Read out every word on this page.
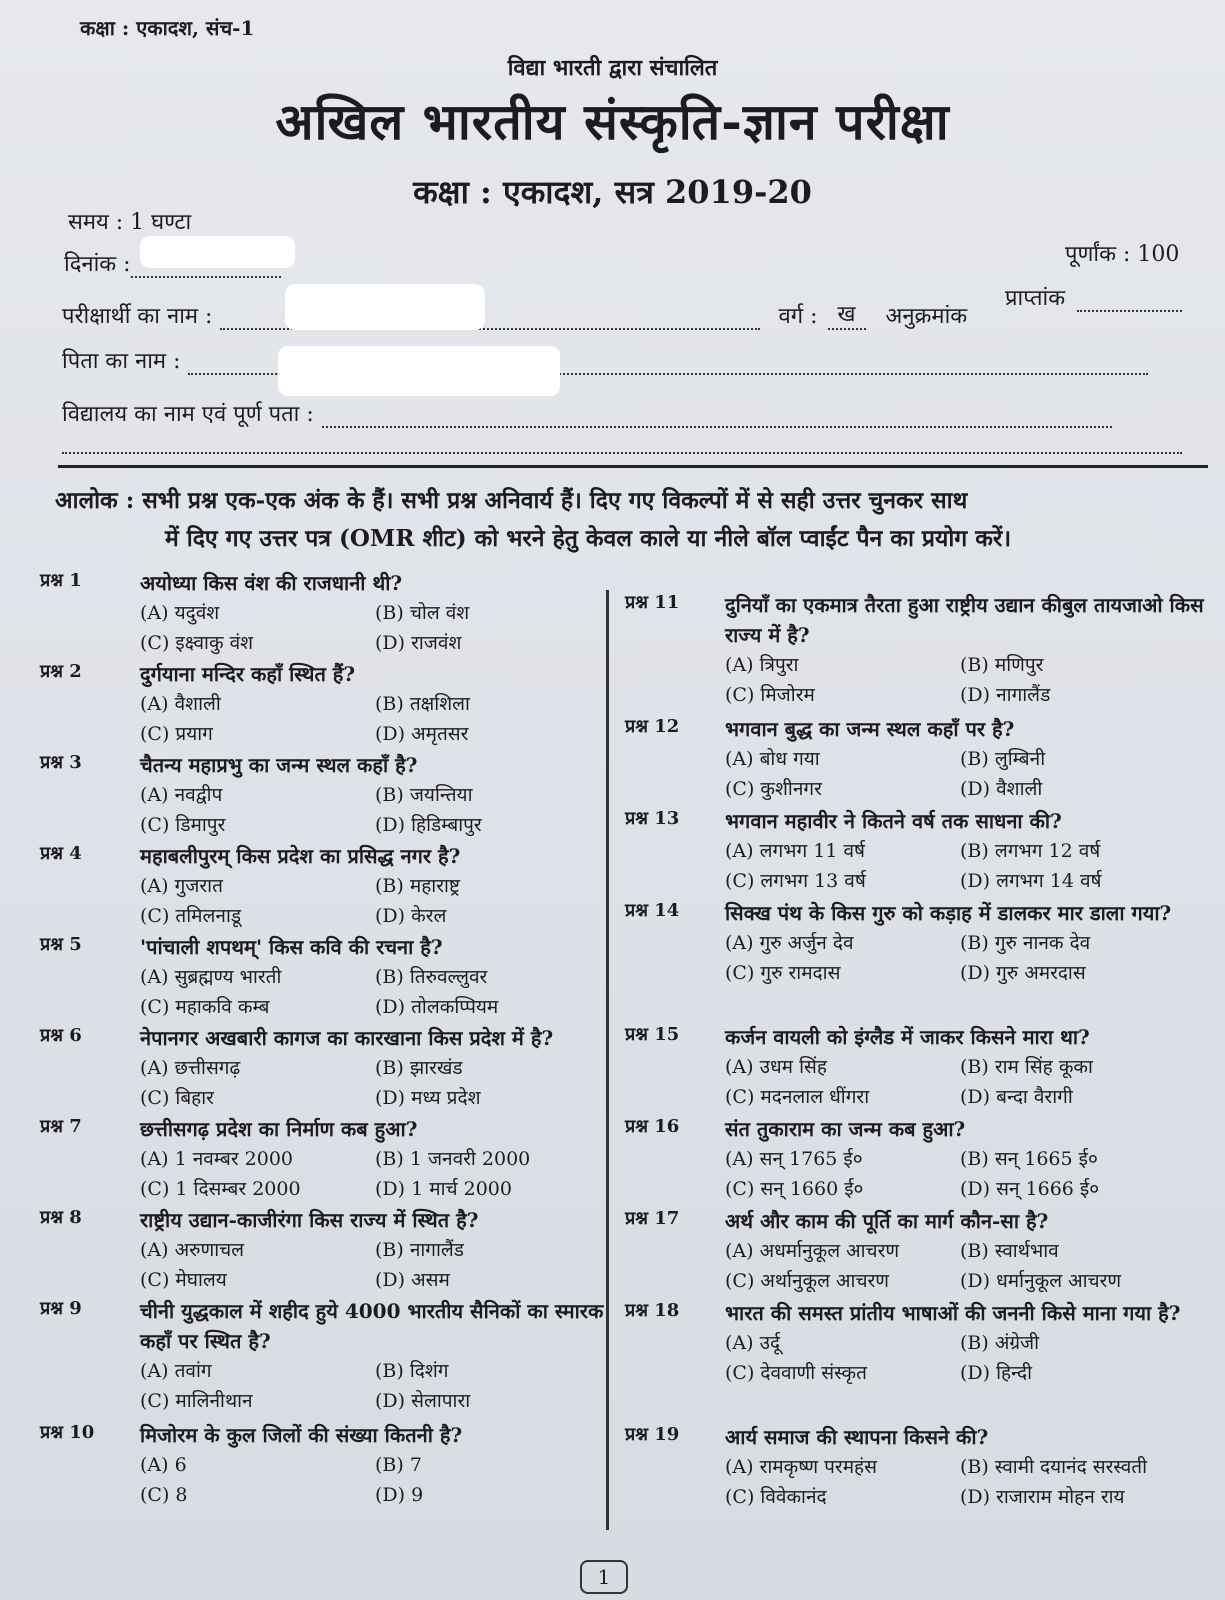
कक्षा : एकादश, संच-1
विद्या भारती द्वारा संचालित
अखिल भारतीय संस्कृति-ज्ञान परीक्षा
कक्षा : एकादश, सत्र 2019-20
समय : 1 घण्टा
दिनांक :	पूर्णांक : 100
प्राप्तांक
परीक्षार्थी का नाम :	वर्ग : ख	अनुक्रमांक
पिता का नाम :
विद्यालय का नाम एवं पूर्ण पता :
आलोक : सभी प्रश्न एक-एक अंक के हैं। सभी प्रश्न अनिवार्य हैं। दिए गए विकल्पों में से सही उत्तर चुनकर साथ
में दिए गए उत्तर पत्र (OMR शीट) को भरने हेतु केवल काले या नीले बॉल प्वाईंट पैन का प्रयोग करें।
प्रश्न 1	अयोध्या किस वंश की राजधानी थी?
(A) यदुवंश	(B) चोल वंश
(C) इक्ष्वाकु वंश	(D) राजवंश
प्रश्न 2	दुर्गयाना मन्दिर कहाँ स्थित हैं?
(A) वैशाली	(B) तक्षशिला
(C) प्रयाग	(D) अमृतसर
प्रश्न 3	चैतन्य महाप्रभु का जन्म स्थल कहाँ है?
(A) नवद्वीप	(B) जयन्तिया
(C) डिमापुर	(D) हिडिम्बापुर
प्रश्न 4	महाबलीपुरम् किस प्रदेश का प्रसिद्ध नगर है?
(A) गुजरात	(B) महाराष्ट्र
(C) तमिलनाडू	(D) केरल
प्रश्न 5	'पांचाली शपथम्' किस कवि की रचना है?
(A) सुब्रह्मण्य भारती	(B) तिरुवल्लुवर
(C) महाकवि कम्ब	(D) तोलकप्पियम
प्रश्न 6	नेपानगर अखबारी कागज का कारखाना किस प्रदेश में है?
(A) छत्तीसगढ़	(B) झारखंड
(C) बिहार	(D) मध्य प्रदेश
प्रश्न 7	छत्तीसगढ़ प्रदेश का निर्माण कब हुआ?
(A) 1 नवम्बर 2000	(B) 1 जनवरी 2000
(C) 1 दिसम्बर 2000	(D) 1 मार्च 2000
प्रश्न 8	राष्ट्रीय उद्यान-काजीरंगा किस राज्य में स्थित है?
(A) अरुणाचल	(B) नागालैंड
(C) मेघालय	(D) असम
प्रश्न 9	चीनी युद्धकाल में शहीद हुये 4000 भारतीय सैनिकों का स्मारक कहाँ पर स्थित है?
(A) तवांग	(B) दिशंग
(C) मालिनीथान	(D) सेलापारा
प्रश्न 10 मिजोरम के कुल जिलों की संख्या कितनी है?
(A) 6	(B) 7
(C) 8	(D) 9
प्रश्न 11 दुनियाँ का एकमात्र तैरता हुआ राष्ट्रीय उद्यान कीबुल तायजाओ किस राज्य में है?
(A) त्रिपुरा	(B) मणिपुर
(C) मिजोरम	(D) नागालैंड
प्रश्न 12 भगवान बुद्ध का जन्म स्थल कहाँ पर है?
(A) बोध गया	(B) लुम्बिनी
(C) कुशीनगर	(D) वैशाली
प्रश्न 13 भगवान महावीर ने कितने वर्ष तक साधना की?
(A) लगभग 11 वर्ष	(B) लगभग 12 वर्ष
(C) लगभग 13 वर्ष	(D) लगभग 14 वर्ष
प्रश्न 14 सिक्ख पंथ के किस गुरु को कड़ाह में डालकर मार डाला गया?
(A) गुरु अर्जुन देव	(B) गुरु नानक देव
(C) गुरु रामदास	(D) गुरु अमरदास
प्रश्न 15 कर्जन वायली को इंग्लैड में जाकर किसने मारा था?
(A) उधम सिंह	(B) राम सिंह कूका
(C) मदनलाल धींगरा	(D) बन्दा वैरागी
प्रश्न 16 संत तुकाराम का जन्म कब हुआ?
(A) सन् 1765 ई०	(B) सन् 1665 ई०
(C) सन् 1660 ई०	(D) सन् 1666 ई०
प्रश्न 17 अर्थ और काम की पूर्ति का मार्ग कौन-सा है?
(A) अधर्मानुकूल आचरण	(B) स्वार्थभाव
(C) अर्थानुकूल आचरण	(D) धर्मानुकूल आचरण
प्रश्न 18 भारत की समस्त प्रांतीय भाषाओं की जननी किसे माना गया है?
(A) उर्दू	(B) अंग्रेजी
(C) देववाणी संस्कृत	(D) हिन्दी
प्रश्न 19 आर्य समाज की स्थापना किसने की?
(A) रामकृष्ण परमहंस	(B) स्वामी दयानंद सरस्वती
(C) विवेकानंद	(D) राजाराम मोहन राय
1
